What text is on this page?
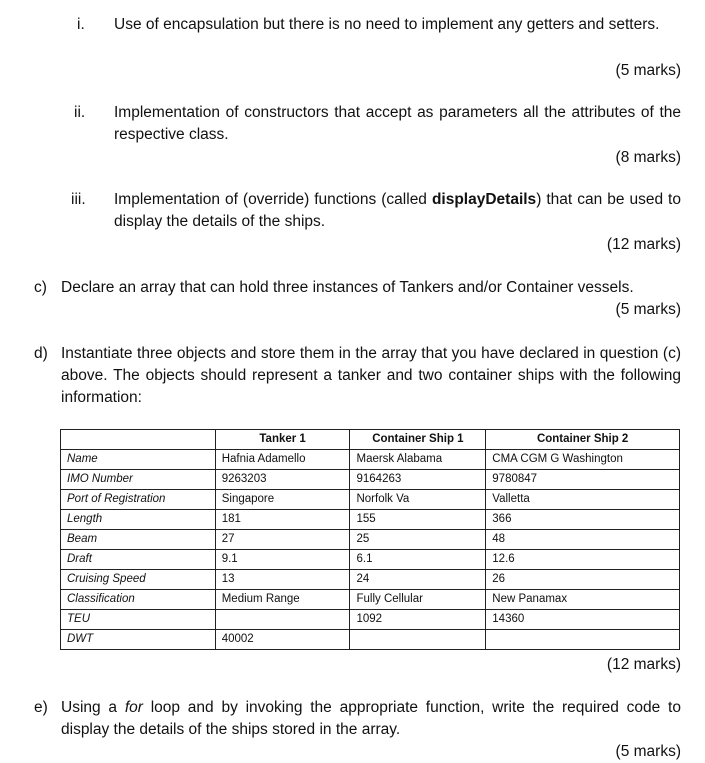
i. Use of encapsulation but there is no need to implement any getters and setters.
(5 marks)
ii. Implementation of constructors that accept as parameters all the attributes of the respective class.
(8 marks)
iii. Implementation of (override) functions (called displayDetails) that can be used to display the details of the ships.
(12 marks)
c) Declare an array that can hold three instances of Tankers and/or Container vessels.
(5 marks)
d) Instantiate three objects and store them in the array that you have declared in question (c) above. The objects should represent a tanker and two container ships with the following information:
	Tanker 1	Container Ship 1	Container Ship 2
Name	Hafnia Adamello	Maersk Alabama	CMA CGM G Washington
IMO Number	9263203	9164263	9780847
Port of Registration	Singapore	Norfolk Va	Valletta
Length	181	155	366
Beam	27	25	48
Draft	9.1	6.1	12.6
Cruising Speed	13	24	26
Classification	Medium Range	Fully Cellular	New Panamax
TEU		1092	14360
DWT	40002		
(12 marks)
e) Using a for loop and by invoking the appropriate function, write the required code to display the details of the ships stored in the array.
(5 marks)
